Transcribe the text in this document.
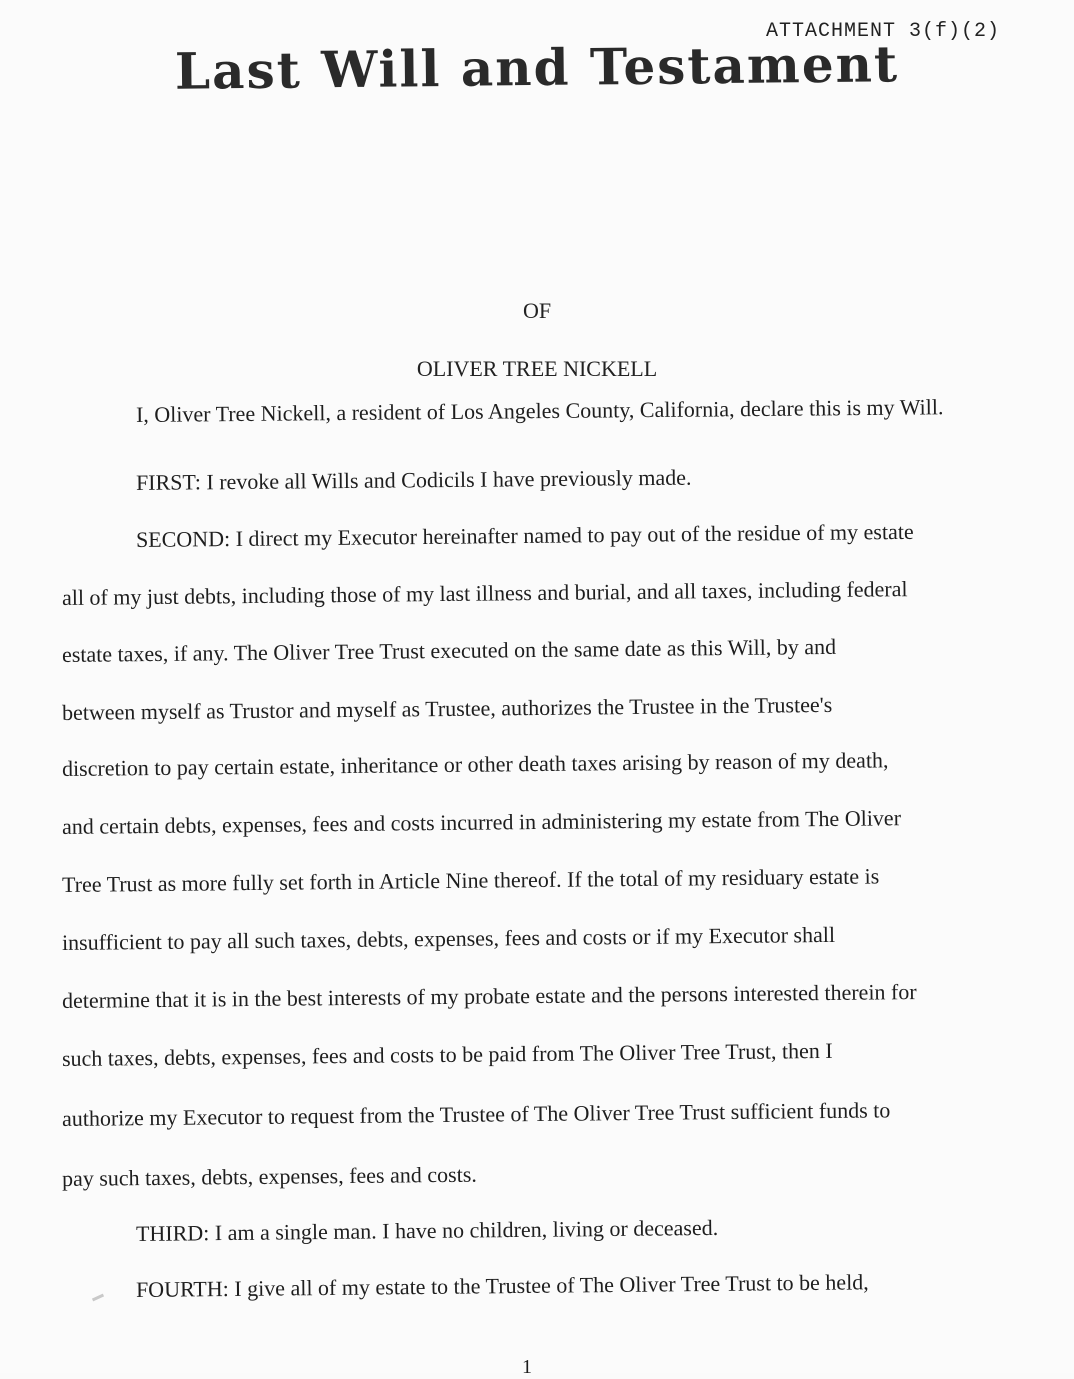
ATTACHMENT 3(f)(2)
Last Will and Testament
OF
OLIVER TREE NICKELL
I, Oliver Tree Nickell, a resident of Los Angeles County, California, declare this is my Will.
FIRST: I revoke all Wills and Codicils I have previously made.
SECOND: I direct my Executor hereinafter named to pay out of the residue of my estate
all of my just debts, including those of my last illness and burial, and all taxes, including federal
estate taxes, if any. The Oliver Tree Trust executed on the same date as this Will, by and
between myself as Trustor and myself as Trustee, authorizes the Trustee in the Trustee's
discretion to pay certain estate, inheritance or other death taxes arising by reason of my death,
and certain debts, expenses, fees and costs incurred in administering my estate from The Oliver
Tree Trust as more fully set forth in Article Nine thereof. If the total of my residuary estate is
insufficient to pay all such taxes, debts, expenses, fees and costs or if my Executor shall
determine that it is in the best interests of my probate estate and the persons interested therein for
such taxes, debts, expenses, fees and costs to be paid from The Oliver Tree Trust, then I
authorize my Executor to request from the Trustee of The Oliver Tree Trust sufficient funds to
pay such taxes, debts, expenses, fees and costs.
THIRD: I am a single man. I have no children, living or deceased.
FOURTH: I give all of my estate to the Trustee of The Oliver Tree Trust to be held,
1
